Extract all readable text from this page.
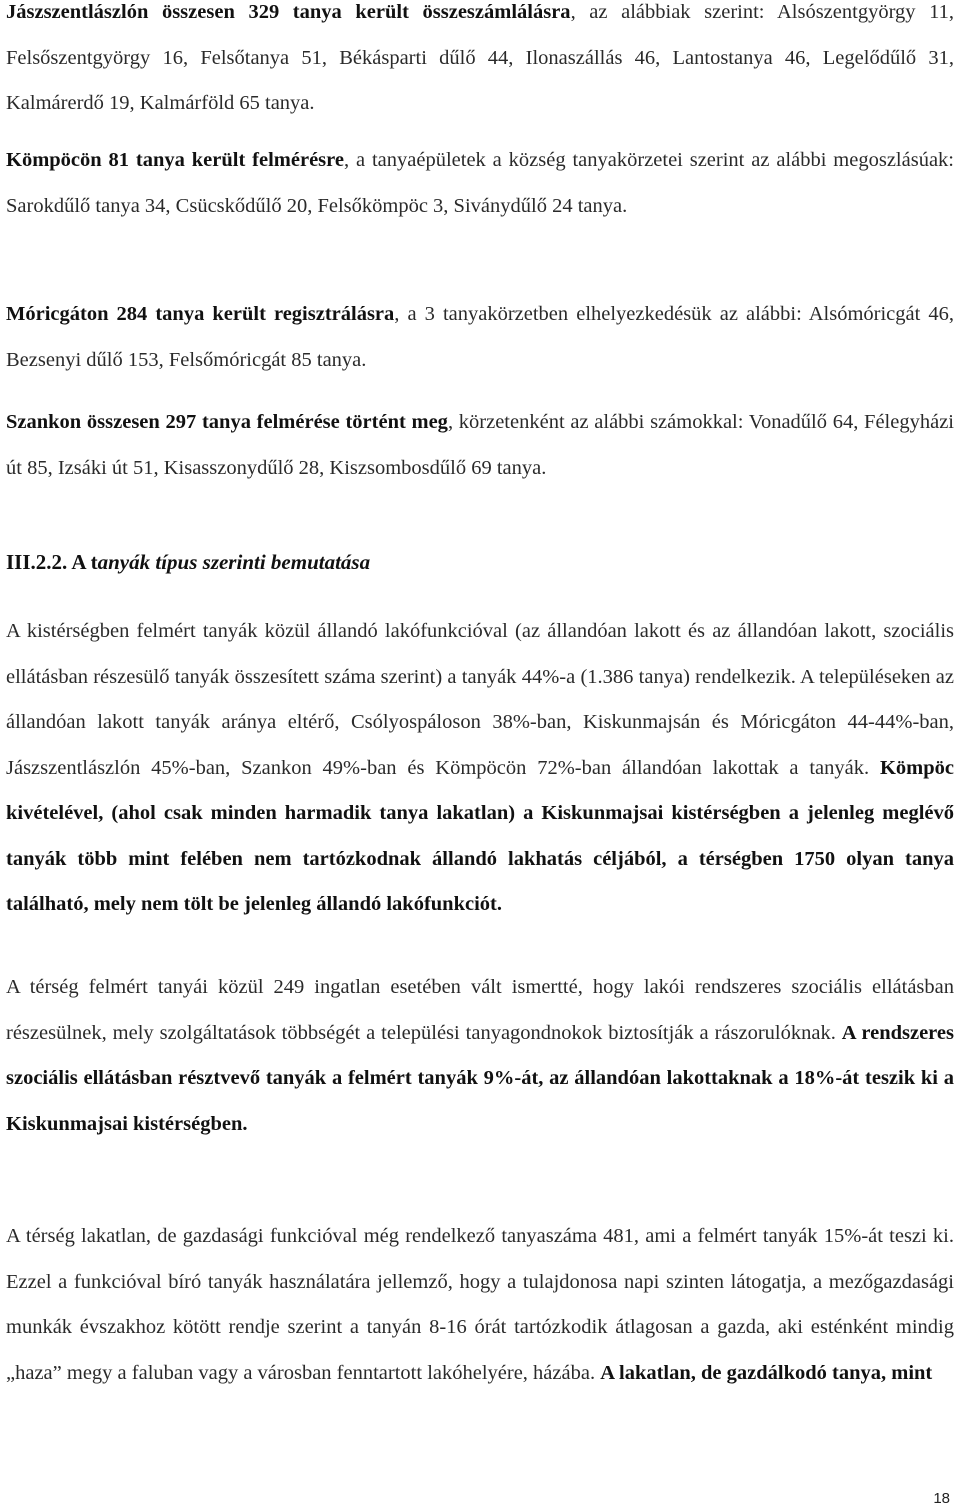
Jászszentlászlón összesen 329 tanya került összeszámlálásra, az alábbiak szerint: Alsószentgyörgy 11, Felsőszentgyörgy 16, Felsőtanya 51, Békásparti dűlő 44, Ilonaszállás 46, Lantostanya 46, Legelődűlő 31, Kalmárerdő 19, Kalmárföld 65 tanya.

Kömpöcön 81 tanya került felmérésre, a tanyaépületek a község tanyakörzetei szerint az alábbi megoszlásúak: Sarokdűlő tanya 34, Csücskődűlő 20, Felsőkömpöc 3, Siványdűlő 24 tanya.

Móricgáton 284 tanya került regisztrálásra, a 3 tanyakörzetben elhelyezkedésük az alábbi: Alsómóricgát 46, Bezsenyi dűlő 153, Felsőmóricgát 85 tanya.

Szankon összesen 297 tanya felmérése történt meg, körzetenként az alábbi számokkal: Vonadűlő 64, Félegyházi út 85, Izsáki út 51, Kisasszonydűlő 28, Kiszsombosdűlő 69 tanya.

III.2.2. A tanyák típus szerinti bemutatása

A kistérségben felmért tanyák közül állandó lakófunkcióval (az állandóan lakott és az állandóan lakott, szociális ellátásban részesülő tanyák összesített száma szerint) a tanyák 44%-a (1.386 tanya) rendelkezik. A településeken az állandóan lakott tanyák aránya eltérő, Csólyospáloson 38%-ban, Kiskunmajsán és Móricgáton 44-44%-ban, Jászszentlászlón 45%-ban, Szankon 49%-ban és Kömpöcön 72%-ban állandóan lakottak a tanyák. Kömpöc kivételével, (ahol csak minden harmadik tanya lakatlan) a Kiskunmajsai kistérségben a jelenleg meglévő tanyák több mint felében nem tartózkodnak állandó lakhatás céljából, a térségben 1750 olyan tanya található, mely nem tölt be jelenleg állandó lakófunkciót.

A térség felmért tanyái közül 249 ingatlan esetében vált ismertté, hogy lakói rendszeres szociális ellátásban részesülnek, mely szolgáltatások többségét a települési tanyagondnokok biztosítják a rászorulóknak. A rendszeres szociális ellátásban résztvevő tanyák a felmért tanyák 9%-át, az állandóan lakottaknak a 18%-át teszik ki a Kiskunmajsai kistérségben.

A térség lakatlan, de gazdasági funkcióval még rendelkező tanyaszáma 481, ami a felmért tanyák 15%-át teszi ki. Ezzel a funkcióval bíró tanyák használatára jellemző, hogy a tulajdonosa napi szinten látogatja, a mezőgazdasági munkák évszakhoz kötött rendje szerint a tanyán 8-16 órát tartózkodik átlagosan a gazda, aki esténként mindig „haza” megy a faluban vagy a városban fenntartott lakóhelyére, házába. A lakatlan, de gazdálkodó tanya, mint

18
